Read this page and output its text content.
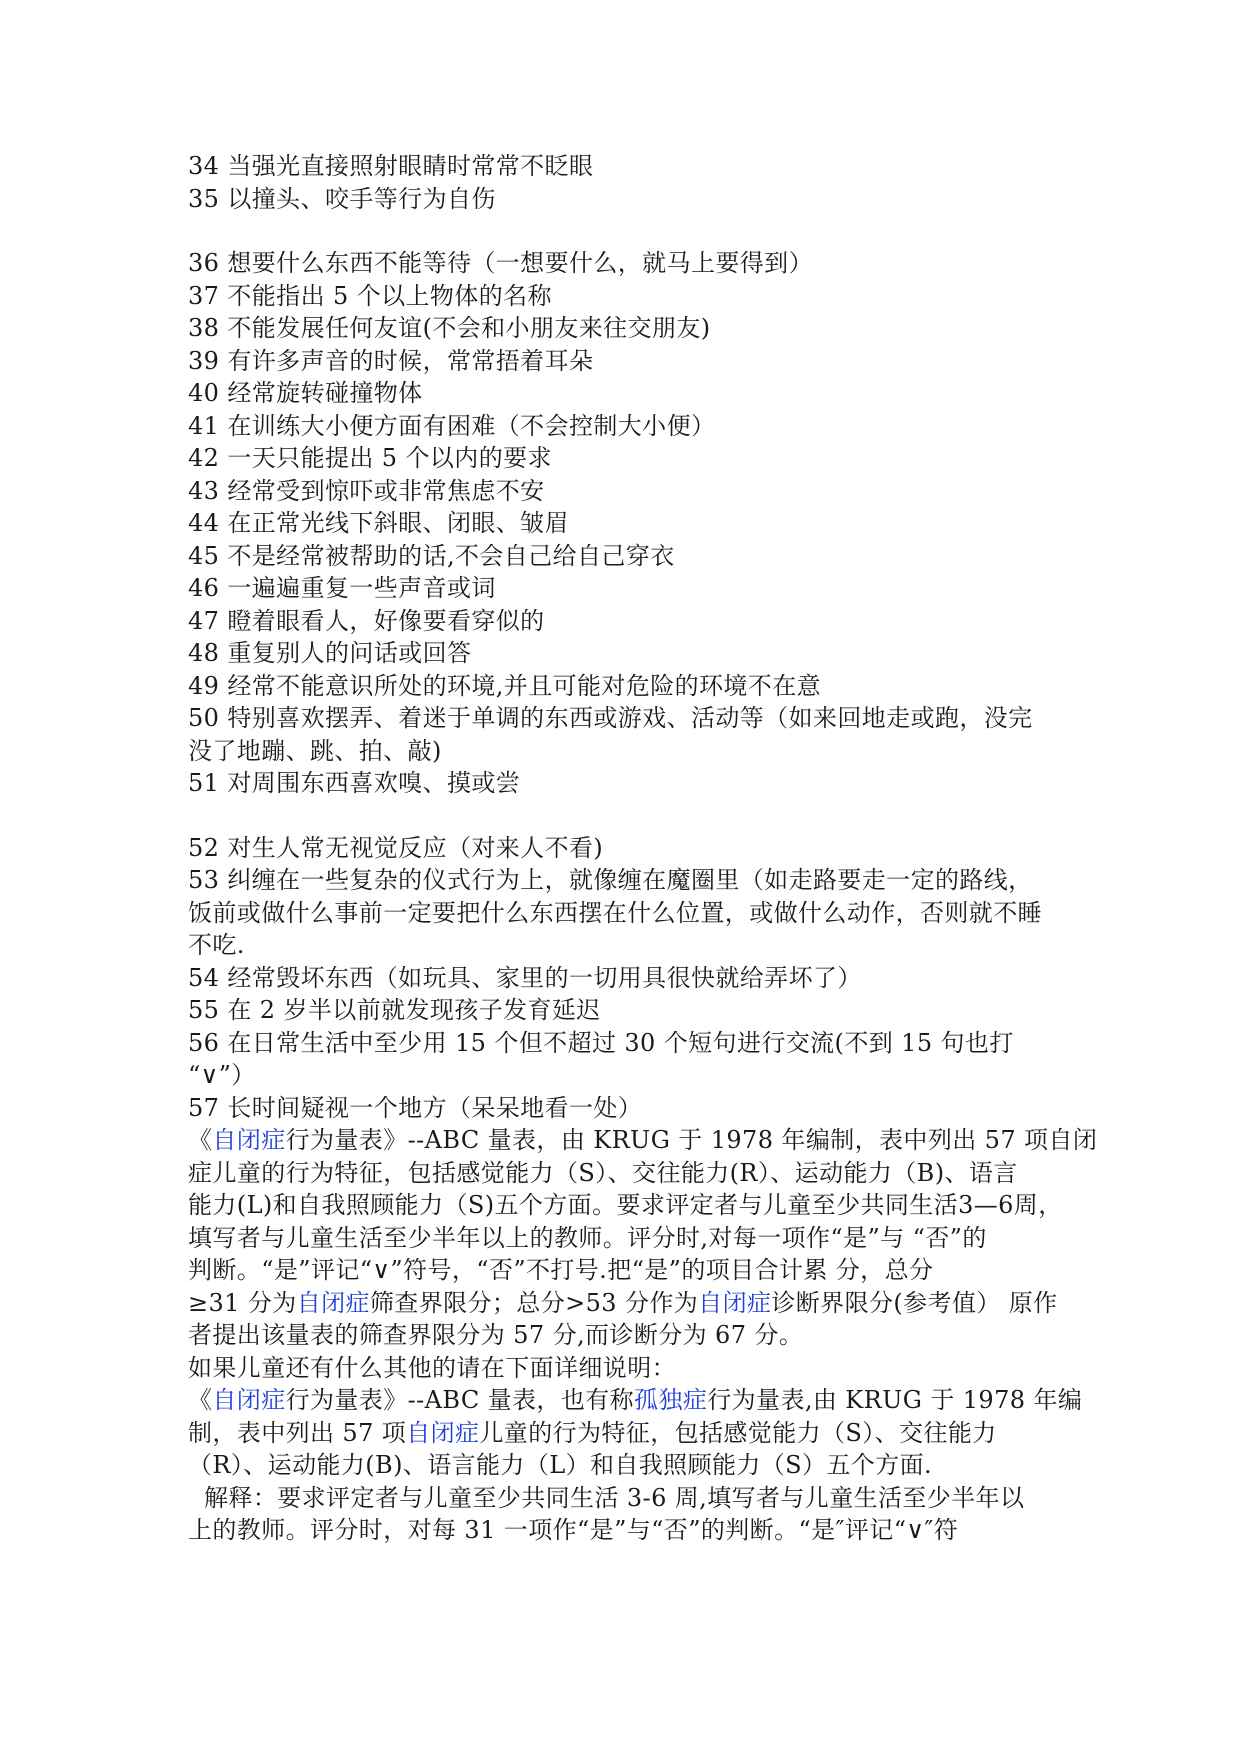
34 当强光直接照射眼睛时常常不眨眼
35 以撞头、咬手等行为自伤
36 想要什么东西不能等待（一想要什么，就马上要得到）
37 不能指出 5 个以上物体的名称
38 不能发展任何友谊(不会和小朋友来往交朋友)
39 有许多声音的时候，常常捂着耳朵
40 经常旋转碰撞物体
41 在训练大小便方面有困难（不会控制大小便）
42 一天只能提出 5 个以内的要求
43 经常受到惊吓或非常焦虑不安
44 在正常光线下斜眼、闭眼、皱眉
45 不是经常被帮助的话,不会自己给自己穿衣
46 一遍遍重复一些声音或词
47 瞪着眼看人，好像要看穿似的
48 重复别人的问话或回答
49 经常不能意识所处的环境,并且可能对危险的环境不在意
50 特别喜欢摆弄、着迷于单调的东西或游戏、活动等（如来回地走或跑，没完
没了地蹦、跳、拍、敲)
51 对周围东西喜欢嗅、摸或尝
52 对生人常无视觉反应（对来人不看)
53 纠缠在一些复杂的仪式行为上，就像缠在魔圈里（如走路要走一定的路线，
饭前或做什么事前一定要把什么东西摆在什么位置，或做什么动作，否则就不睡
不吃.
54 经常毁坏东西（如玩具、家里的一切用具很快就给弄坏了）
55 在 2 岁半以前就发现孩子发育延迟
56 在日常生活中至少用 15 个但不超过 30 个短句进行交流(不到 15 句也打
“∨”）
57 长时间疑视一个地方（呆呆地看一处）
《自闭症行为量表》--ABC 量表，由 KRUG 于 1978 年编制，表中列出 57 项自闭
症儿童的行为特征，包括感觉能力（S）、交往能力(R）、运动能力（B)、语言
能力(L)和自我照顾能力（S)五个方面。要求评定者与儿童至少共同生活3—6周，
填写者与儿童生活至少半年以上的教师。评分时,对每一项作“是”与 “否”的
判断。“是”评记“∨”符号，“否”不打号.把“是”的项目合计累 分，总分
≥31 分为自闭症筛查界限分；总分>53 分作为自闭症诊断界限分(参考值） 原作
者提出该量表的筛查界限分为 57 分,而诊断分为 67 分。
如果儿童还有什么其他的请在下面详细说明：
《自闭症行为量表》--ABC 量表，也有称孤独症行为量表,由 KRUG 于 1978 年编
制，表中列出 57 项自闭症儿童的行为特征，包括感觉能力（S）、交往能力
（R）、运动能力(B)、语言能力（L）和自我照顾能力（S）五个方面.
解释：要求评定者与儿童至少共同生活 3-6 周,填写者与儿童生活至少半年以
上的教师。评分时，对每 31 一项作“是”与“否”的判断。“是″评记“∨″符
